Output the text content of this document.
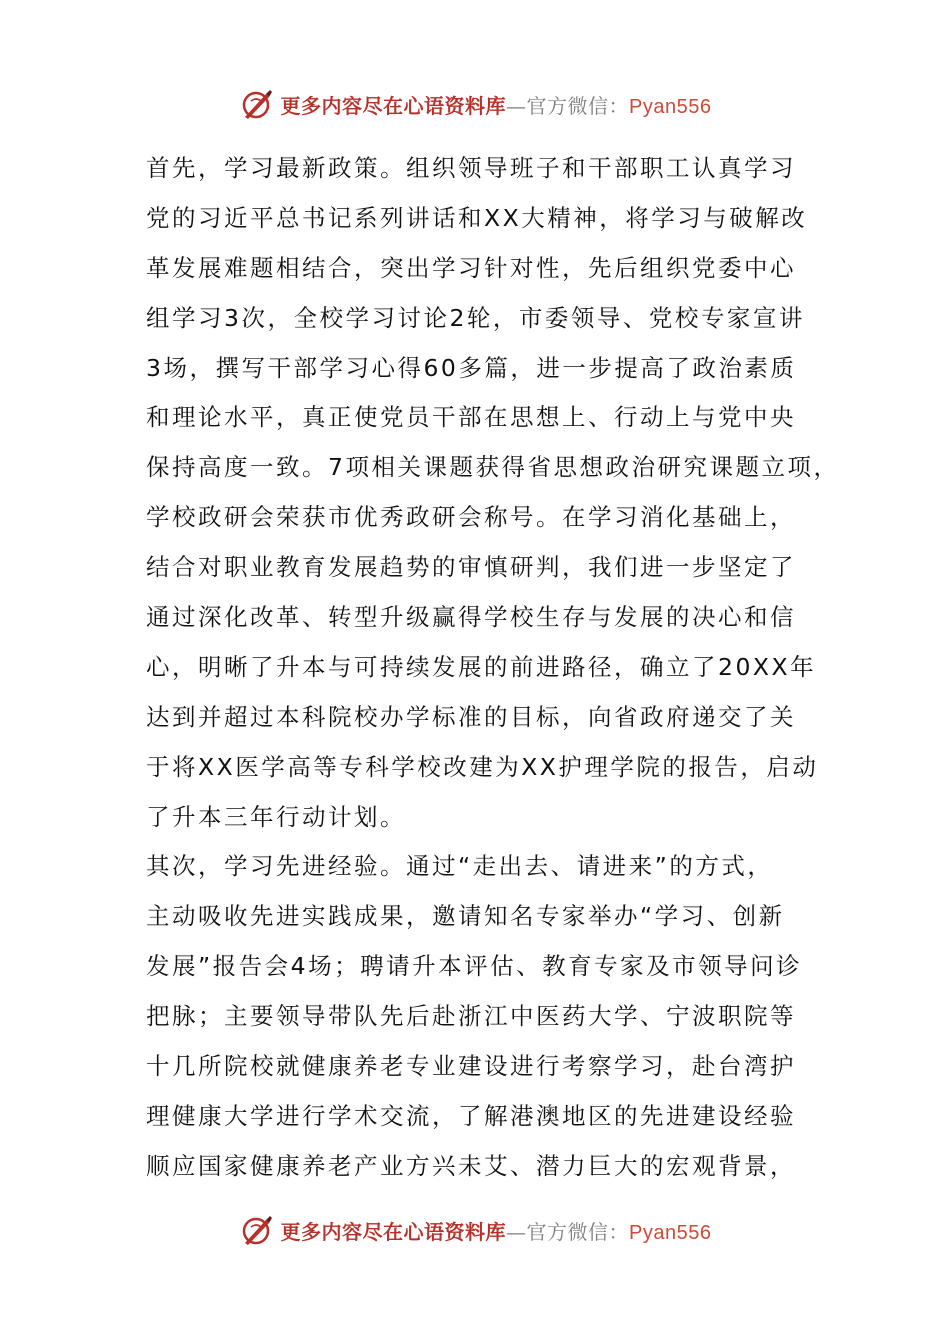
更多内容尽在心语资料库 — 官方微信： Pyan556
首先，学习最新政策。组织领导班子和干部职工认真学习
党的习近平总书记系列讲话和XX大精神，将学习与破解改
革发展难题相结合，突出学习针对性，先后组织党委中心
组学习3次，全校学习讨论2轮，市委领导、党校专家宣讲
3场，撰写干部学习心得60多篇，进一步提高了政治素质
和理论水平，真正使党员干部在思想上、行动上与党中央
保持高度一致。7项相关课题获得省思想政治研究课题立项，
学校政研会荣获市优秀政研会称号。在学习消化基础上，
结合对职业教育发展趋势的审慎研判，我们进一步坚定了
通过深化改革、转型升级赢得学校生存与发展的决心和信
心，明晰了升本与可持续发展的前进路径，确立了20XX年
达到并超过本科院校办学标准的目标，向省政府递交了关
于将XX医学高等专科学校改建为XX护理学院的报告，启动
了升本三年行动计划。
其次，学习先进经验。通过“走出去、请进来”的方式，
主动吸收先进实践成果，邀请知名专家举办“学习、创新
发展”报告会4场；聘请升本评估、教育专家及市领导问诊
把脉；主要领导带队先后赴浙江中医药大学、宁波职院等
十几所院校就健康养老专业建设进行考察学习，赴台湾护
理健康大学进行学术交流，了解港澳地区的先进建设经验
顺应国家健康养老产业方兴未艾、潜力巨大的宏观背景，
更多内容尽在心语资料库 — 官方微信： Pyan556
